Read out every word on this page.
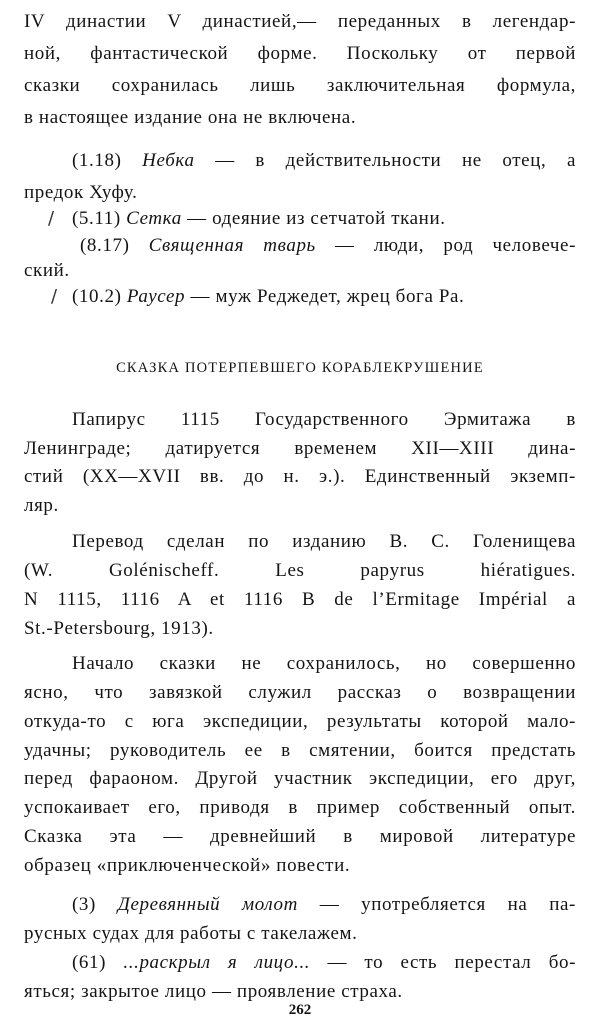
IV династии V династией,— переданных в легендар-
ной, фантастической форме. Поскольку от первой
сказки сохранилась лишь заключительная формула,
в настоящее издание она не включена.
(1.18) Небка — в действительности не отец, а
предок Хуфу.
/ (5.11) Сетка — одеяние из сетчатой ткани.
(8.17) Священная тварь — люди, род человече-
ский.
/ (10.2) Раусер — муж Реджедет, жрец бога Ра.
СКАЗКА ПОТЕРПЕВШЕГО КОРАБЛЕКРУШЕНИЕ
Папирус 1115 Государственного Эрмитажа в
Ленинграде; датируется временем XII—XIII дина-
стий (XX—XVII вв. до н. э.). Единственный экземп-
ляр.
Перевод сделан по изданию В. С. Голенищева
(W. Golénischeff. Les papyrus hiératigues.
N 1115, 1116 A et 1116 B de l’Ermitage Impérial a
St.-Petersbourg, 1913).
Начало сказки не сохранилось, но совершенно
ясно, что завязкой служил рассказ о возвращении
откуда-то с юга экспедиции, результаты которой мало-
удачны; руководитель ее в смятении, боится предстать
перед фараоном. Другой участник экспедиции, его друг,
успокаивает его, приводя в пример собственный опыт.
Сказка эта — древнейший в мировой литературе
образец «приключенческой» повести.
(3) Деревянный молот — употребляется на па-
русных судах для работы с такелажем.
(61) ...раскрыл я лицо... — то есть перестал бо-
яться; закрытое лицо — проявление страха.
262
